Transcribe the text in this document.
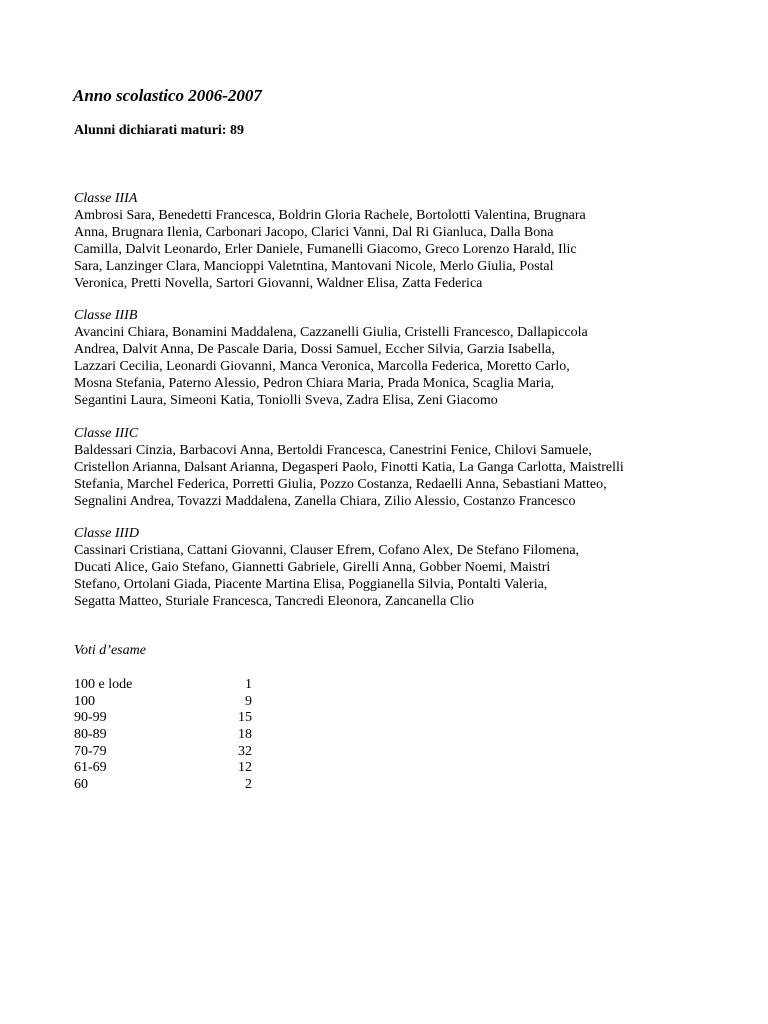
Anno scolastico 2006-2007

Alunni dichiarati maturi: 89

Classe IIIA
Ambrosi Sara, Benedetti Francesca, Boldrin Gloria Rachele, Bortolotti Valentina, Brugnara
Anna, Brugnara Ilenia, Carbonari Jacopo, Clarici Vanni, Dal Ri Gianluca, Dalla Bona
Camilla, Dalvit Leonardo, Erler Daniele, Fumanelli Giacomo, Greco Lorenzo Harald, Ilic
Sara, Lanzinger Clara, Mancioppi Valetntina, Mantovani Nicole, Merlo Giulia, Postal
Veronica, Pretti Novella, Sartori Giovanni, Waldner Elisa, Zatta Federica
Classe IIIB
Avancini Chiara, Bonamini Maddalena, Cazzanelli Giulia, Cristelli Francesco, Dallapiccola
Andrea, Dalvit Anna, De Pascale Daria, Dossi Samuel, Eccher Silvia, Garzia Isabella,
Lazzari Cecilia, Leonardi Giovanni, Manca Veronica, Marcolla Federica, Moretto Carlo,
Mosna Stefania, Paterno Alessio, Pedron Chiara Maria, Prada Monica, Scaglia Maria,
Segantini Laura, Simeoni Katia, Toniolli Sveva, Zadra Elisa, Zeni Giacomo
Classe IIIC
Baldessari Cinzia, Barbacovi Anna, Bertoldi Francesca, Canestrini Fenice, Chilovi Samuele,
Cristellon Arianna, Dalsant Arianna, Degasperi Paolo, Finotti Katia, La Ganga Carlotta, Maistrelli
Stefania, Marchel Federica, Porretti Giulia, Pozzo Costanza, Redaelli Anna, Sebastiani Matteo,
Segnalini Andrea, Tovazzi Maddalena, Zanella Chiara, Zilio Alessio, Costanzo Francesco
Classe IIID
Cassinari Cristiana, Cattani Giovanni, Clauser Efrem, Cofano Alex, De Stefano Filomena,
Ducati Alice, Gaio Stefano, Giannetti Gabriele, Girelli Anna, Gobber Noemi, Maistri
Stefano, Ortolani Giada, Piacente Martina Elisa, Poggianella Silvia, Pontalti Valeria,
Segatta Matteo, Sturiale Francesca, Tancredi Eleonora, Zancanella Clio
Voti d’esame
100 e lode	1
100	9
90-99	15
80-89	18
70-79	32
61-69	12
60	2
